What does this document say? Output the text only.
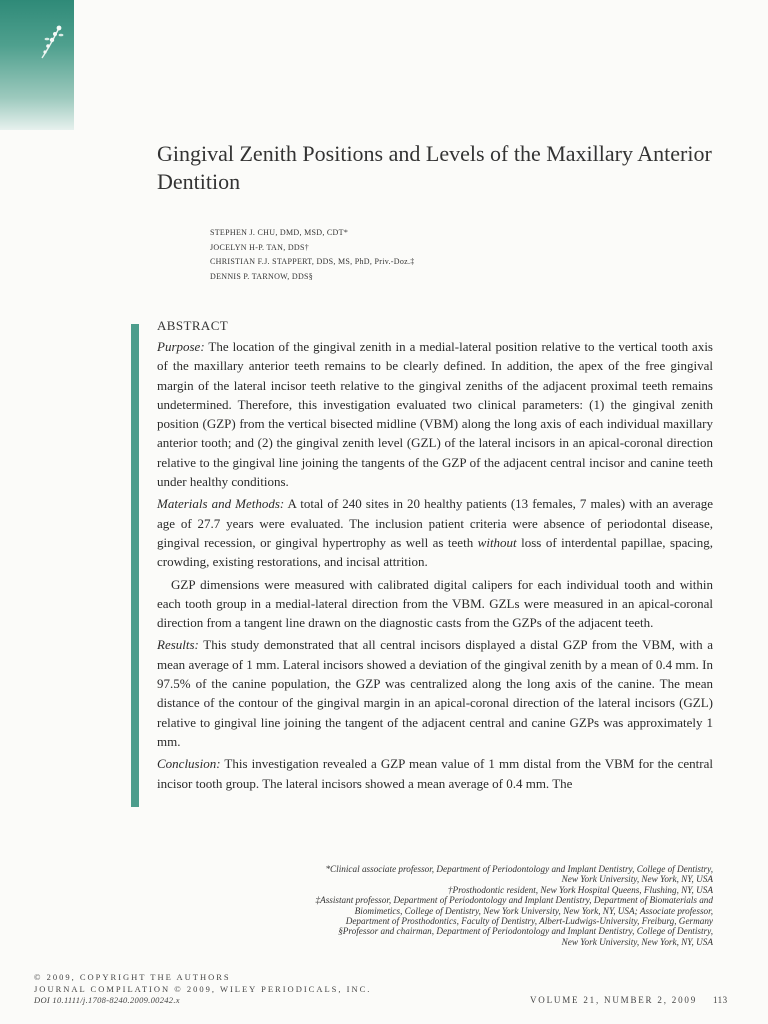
Gingival Zenith Positions and Levels of the Maxillary Anterior Dentition
STEPHEN J. CHU, DMD, MSD, CDT*
JOCELYN H-P. TAN, DDS†
CHRISTIAN F.J. STAPPERT, DDS, MS, PhD, Priv.-Doz.‡
DENNIS P. TARNOW, DDS§
ABSTRACT

Purpose: The location of the gingival zenith in a medial-lateral position relative to the vertical tooth axis of the maxillary anterior teeth remains to be clearly defined. In addition, the apex of the free gingival margin of the lateral incisor teeth relative to the gingival zeniths of the adjacent proximal teeth remains undetermined. Therefore, this investigation evaluated two clinical parameters: (1) the gingival zenith position (GZP) from the vertical bisected midline (VBM) along the long axis of each individual maxillary anterior tooth; and (2) the gingival zenith level (GZL) of the lateral incisors in an apical-coronal direction relative to the gingival line joining the tangents of the GZP of the adjacent central incisor and canine teeth under healthy conditions.

Materials and Methods: A total of 240 sites in 20 healthy patients (13 females, 7 males) with an average age of 27.7 years were evaluated. The inclusion patient criteria were absence of periodontal disease, gingival recession, or gingival hypertrophy as well as teeth without loss of interdental papillae, spacing, crowding, existing restorations, and incisal attrition.

GZP dimensions were measured with calibrated digital calipers for each individual tooth and within each tooth group in a medial-lateral direction from the VBM. GZLs were measured in an apical-coronal direction from a tangent line drawn on the diagnostic casts from the GZPs of the adjacent teeth.

Results: This study demonstrated that all central incisors displayed a distal GZP from the VBM, with a mean average of 1 mm. Lateral incisors showed a deviation of the gingival zenith by a mean of 0.4 mm. In 97.5% of the canine population, the GZP was centralized along the long axis of the canine. The mean distance of the contour of the gingival margin in an apical-coronal direction of the lateral incisors (GZL) relative to gingival line joining the tangent of the adjacent central and canine GZPs was approximately 1 mm.

Conclusion: This investigation revealed a GZP mean value of 1 mm distal from the VBM for the central incisor tooth group. The lateral incisors showed a mean average of 0.4 mm. The

*Clinical associate professor, Department of Periodontology and Implant Dentistry, College of Dentistry,
New York University, New York, NY, USA
†Prosthodontic resident, New York Hospital Queens, Flushing, NY, USA
‡Assistant professor, Department of Periodontology and Implant Dentistry, Department of Biomaterials and
Biomimetics, College of Dentistry, New York University, New York, NY, USA; Associate professor,
Department of Prosthodontics, Faculty of Dentistry, Albert-Ludwigs-University, Freiburg, Germany
§Professor and chairman, Department of Periodontology and Implant Dentistry, College of Dentistry,
New York University, New York, NY, USA
© 2009, COPYRIGHT THE AUTHORS
JOURNAL COMPILATION © 2009, WILEY PERIODICALS, INC.
DOI 10.1111/j.1708-8240.2009.00242.x	VOLUME 21, NUMBER 2, 2009 113
